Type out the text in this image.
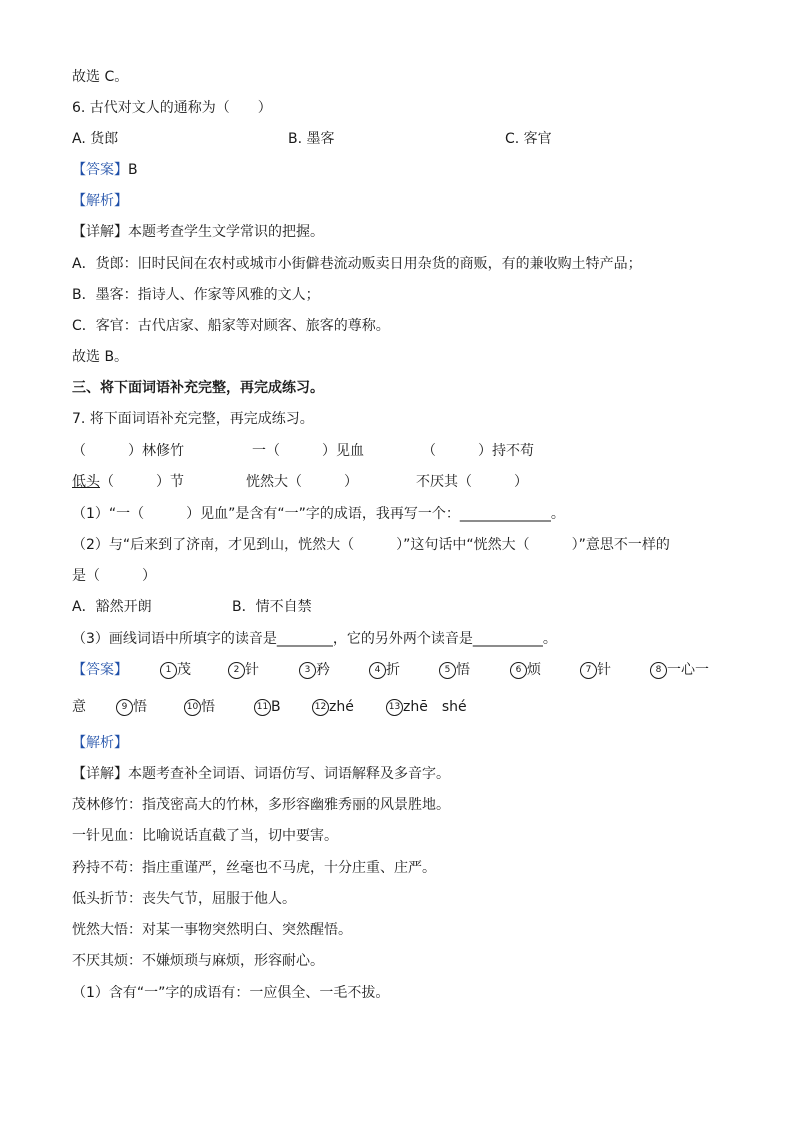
故选 C。
6. 古代对文人的通称为（　　）
A. 货郎	B. 墨客	C. 客官
【答案】B
【解析】
【详解】本题考查学生文学常识的把握。
A．货郎：旧时民间在农村或城市小街僻巷流动贩卖日用杂货的商贩，有的兼收购土特产品；
B．墨客：指诗人、作家等风雅的文人；
C．客官：古代店家、船家等对顾客、旅客的尊称。
故选 B。
三、将下面词语补充完整，再完成练习。
7. 将下面词语补充完整，再完成练习。
（　　　）林修竹	一（　　　）见血	（　　　）持不苟
低头（　　　）节	恍然大（　　　）	不厌其（　　　）
（1）“一（　　　）见血”是含有“一”字的成语，我再写一个：_____________。
（2）与“后来到了济南，才见到山，恍然大（　　　）”这句话中“恍然大（　　　）”意思不一样的
是（　　　）
A．豁然开朗	B．情不自禁
（3）画线词语中所填字的读音是________，它的另外两个读音是__________。
【答案】	1 茂	2 针	3 矜	4 折	5 悟	6 烦	7 针	8 一心一
意	9 悟	10 悟	11 B	12 zhé	13 zhē　shé
【解析】
【详解】本题考查补全词语、词语仿写、词语解释及多音字。
茂林修竹：指茂密高大的竹林，多形容幽雅秀丽的风景胜地。
一针见血：比喻说话直截了当，切中要害。
矜持不苟：指庄重谨严，丝毫也不马虎，十分庄重、庄严。
低头折节：丧失气节，屈服于他人。
恍然大悟：对某一事物突然明白、突然醒悟。
不厌其烦：不嫌烦琐与麻烦，形容耐心。
（1）含有“一”字的成语有：一应俱全、一毛不拔。
